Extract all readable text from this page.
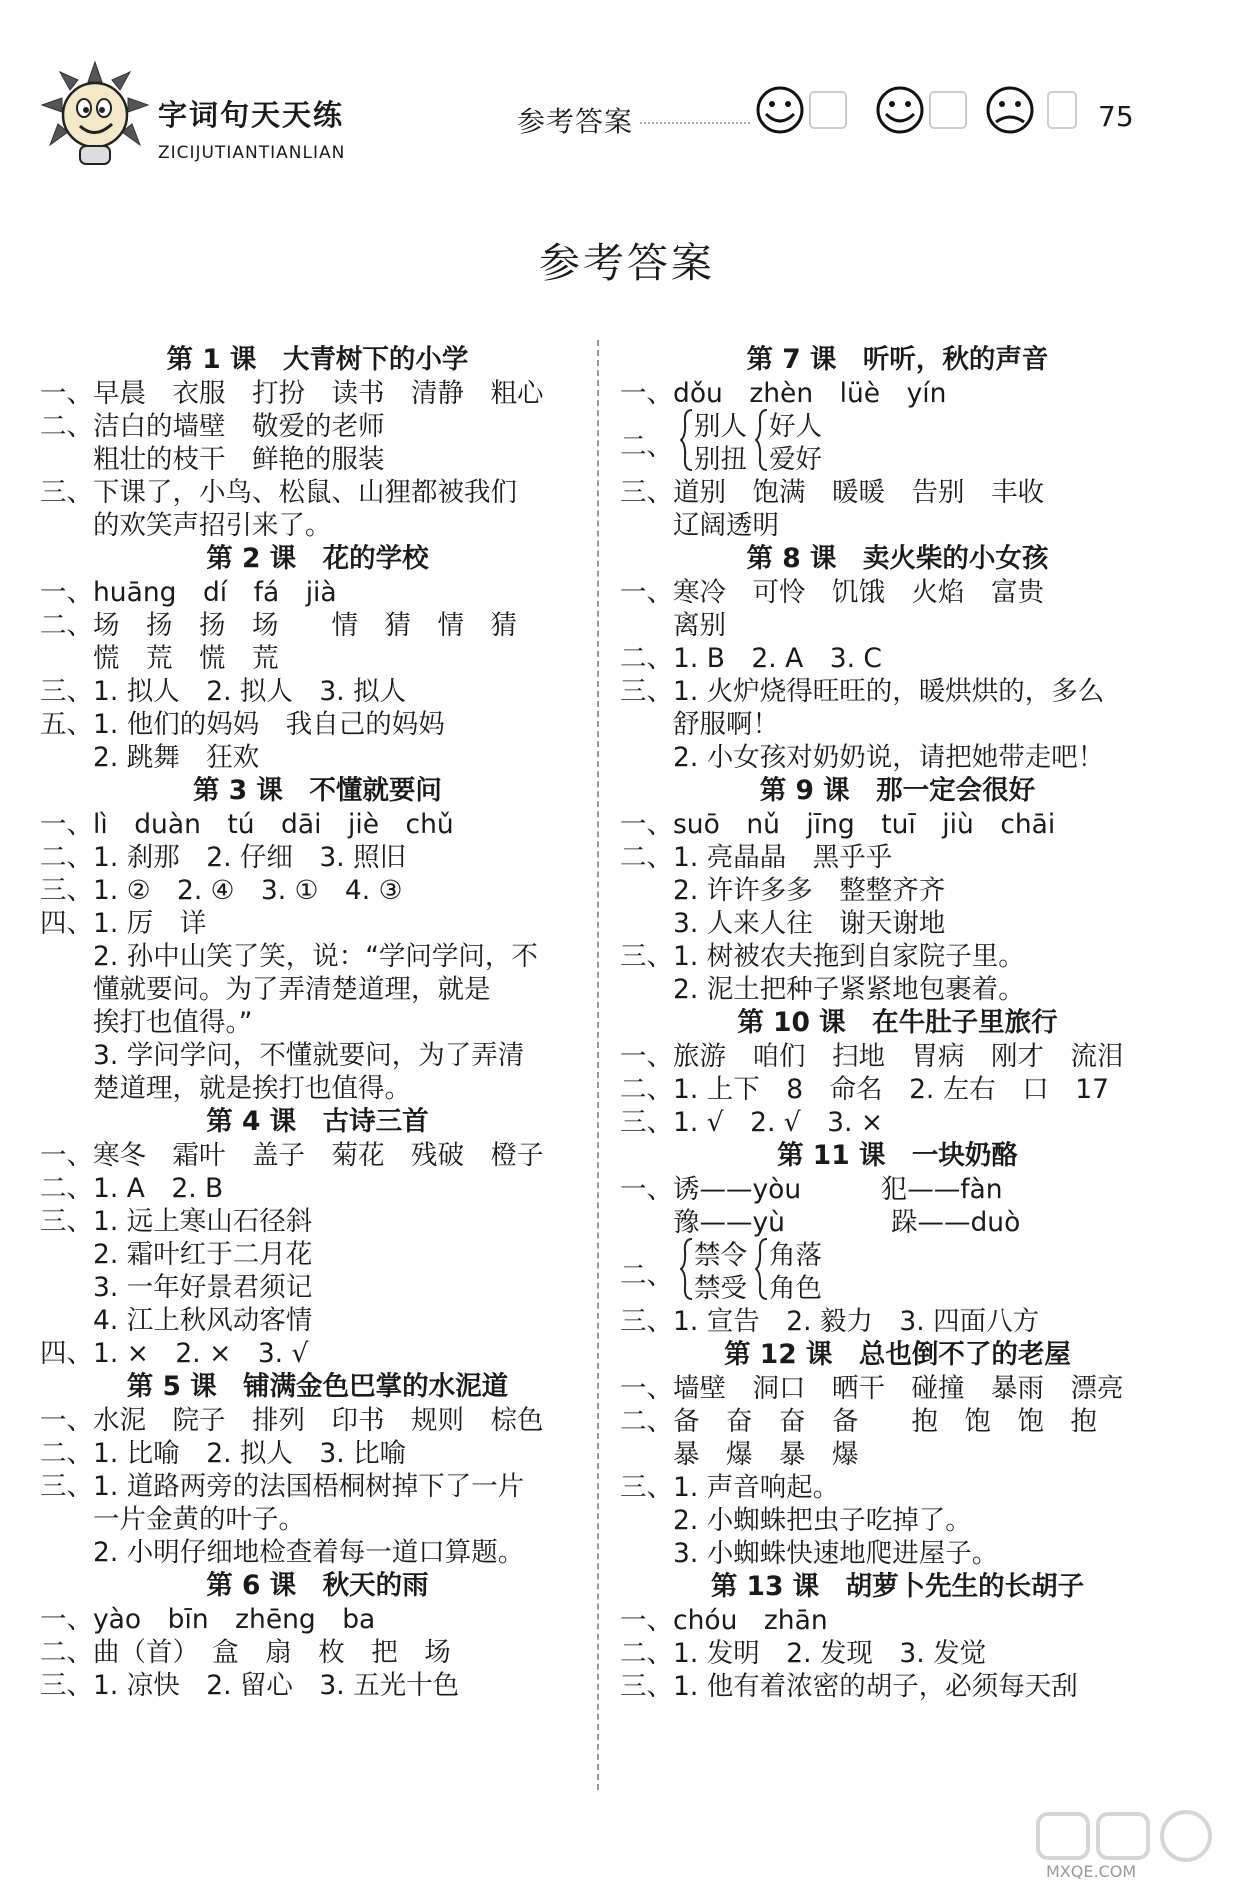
字词句天天练
ZICIJUTIANTIANLIAN
参考答案	75
参考答案
第 1 课　大青树下的小学
一、早晨　衣服　打扮　读书　清静　粗心
二、洁白的墙壁　敬爱的老师
　　粗壮的枝干　鲜艳的服装
三、下课了，小鸟、松鼠、山狸都被我们
　　的欢笑声招引来了。
第 2 课　花的学校
一、huāng　dí　fá　jià
二、场　扬　扬　场　　情　猜　情　猜
　　慌　荒　慌　荒
三、1. 拟人　2. 拟人　3. 拟人
五、1. 他们的妈妈　我自己的妈妈
　　2. 跳舞　狂欢
第 3 课　不懂就要问
一、lì　duàn　tú　dāi　jiè　chǔ
二、1. 刹那　2. 仔细　3. 照旧
三、1. ②　2. ④　3. ①　4. ③
四、1. 厉　详
　　2. 孙中山笑了笑，说：“学问学问，不
　　懂就要问。为了弄清楚道理，就是
　　挨打也值得。”
　　3. 学问学问，不懂就要问，为了弄清
　　楚道理，就是挨打也值得。
第 4 课　古诗三首
一、寒冬　霜叶　盖子　菊花　残破　橙子
二、1. A　2. B
三、1. 远上寒山石径斜
　　2. 霜叶红于二月花
　　3. 一年好景君须记
　　4. 江上秋风动客情
四、1. ×　2. ×　3. √
第 5 课　铺满金色巴掌的水泥道
一、水泥　院子　排列　印书　规则　棕色
二、1. 比喻　2. 拟人　3. 比喻
三、1. 道路两旁的法国梧桐树掉下了一片
　　一片金黄的叶子。
　　2. 小明仔细地检查着每一道口算题。
第 6 课　秋天的雨
一、yào　bīn　zhēng　ba
二、曲（首）　盒　扇　枚　把　场
三、1. 凉快　2. 留心　3. 五光十色
第 7 课　听听，秋的声音
一、dǒu　zhèn　lüè　yín
二、
别人
别扭
好人
爱好
三、道别　饱满　暖暖　告别　丰收
　　辽阔透明
第 8 课　卖火柴的小女孩
一、寒冷　可怜　饥饿　火焰　富贵
　　离别
二、1. B　2. A　3. C
三、1. 火炉烧得旺旺的，暖烘烘的，多么
　　舒服啊！
　　2. 小女孩对奶奶说，请把她带走吧！
第 9 课　那一定会很好
一、suō　nǔ　jīng　tuī　jiù　chāi
二、1. 亮晶晶　黑乎乎
　　2. 许许多多　整整齐齐
　　3. 人来人往　谢天谢地
三、1. 树被农夫拖到自家院子里。
　　2. 泥土把种子紧紧地包裹着。
第 10 课　在牛肚子里旅行
一、旅游　咱们　扫地　胃病　刚才　流泪
二、1. 上下　8　命名　2. 左右　口　17
三、1. √　2. √　3. ×
第 11 课　一块奶酪
一、诱——yòu　　　犯——fàn
　　豫——yù　　　　跺——duò
二、
禁令
禁受
角落
角色
三、1. 宣告　2. 毅力　3. 四面八方
第 12 课　总也倒不了的老屋
一、墙壁　洞口　晒干　碰撞　暴雨　漂亮
二、备　奋　奋　备　　抱　饱　饱　抱
　　暴　爆　暴　爆
三、1. 声音响起。
　　2. 小蜘蛛把虫子吃掉了。
　　3. 小蜘蛛快速地爬进屋子。
第 13 课　胡萝卜先生的长胡子
一、chóu　zhān
二、1. 发明　2. 发现　3. 发觉
三、1. 他有着浓密的胡子，必须每天刮
MXQE.COM
